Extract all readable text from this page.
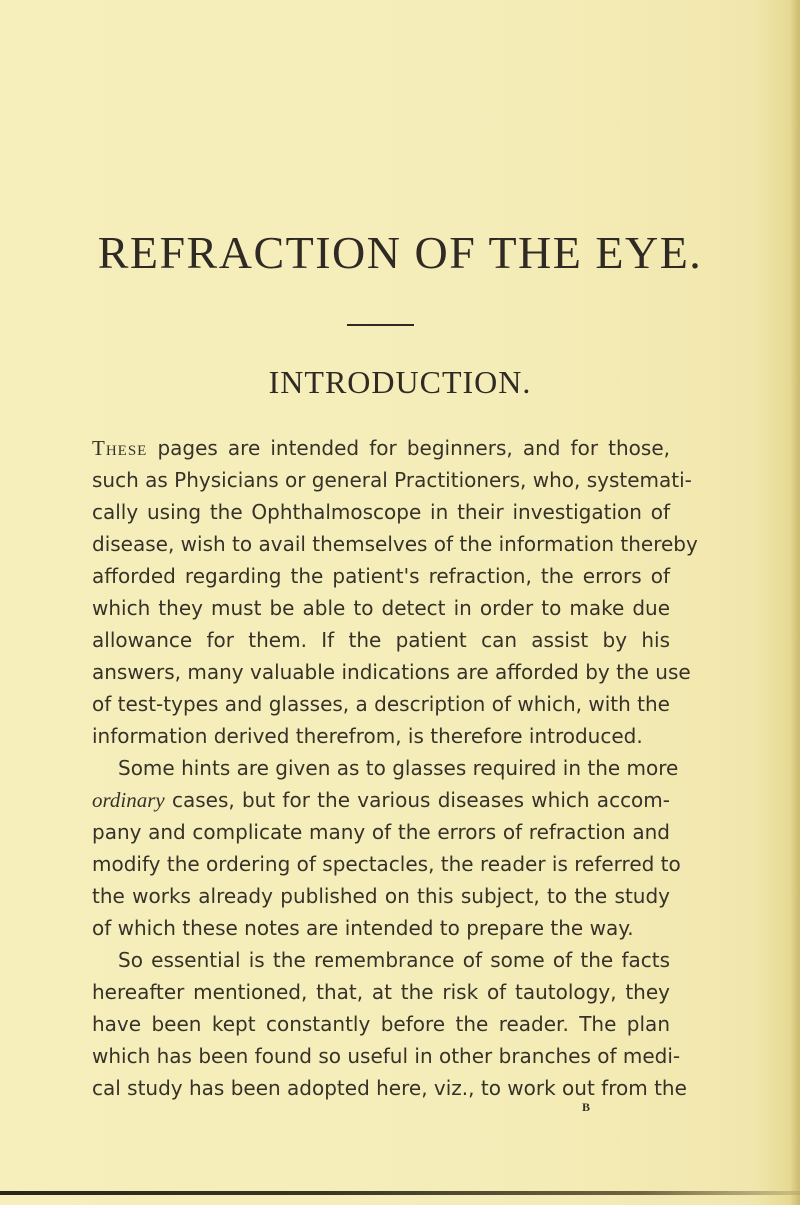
REFRACTION OF THE EYE.
INTRODUCTION.
These pages are intended for beginners, and for those,
such as Physicians or general Practitioners, who, systemati-
cally using the Ophthalmoscope in their investigation of
disease, wish to avail themselves of the information thereby
afforded regarding the patient's refraction, the errors of
which they must be able to detect in order to make due
allowance for them. If the patient can assist by his
answers, many valuable indications are afforded by the use
of test-types and glasses, a description of which, with the
information derived therefrom, is therefore introduced.
Some hints are given as to glasses required in the more
ordinary cases, but for the various diseases which accom-
pany and complicate many of the errors of refraction and
modify the ordering of spectacles, the reader is referred to
the works already published on this subject, to the study
of which these notes are intended to prepare the way.
So essential is the remembrance of some of the facts
hereafter mentioned, that, at the risk of tautology, they
have been kept constantly before the reader. The plan
which has been found so useful in other branches of medi-
cal study has been adopted here, viz., to work out from the
B
